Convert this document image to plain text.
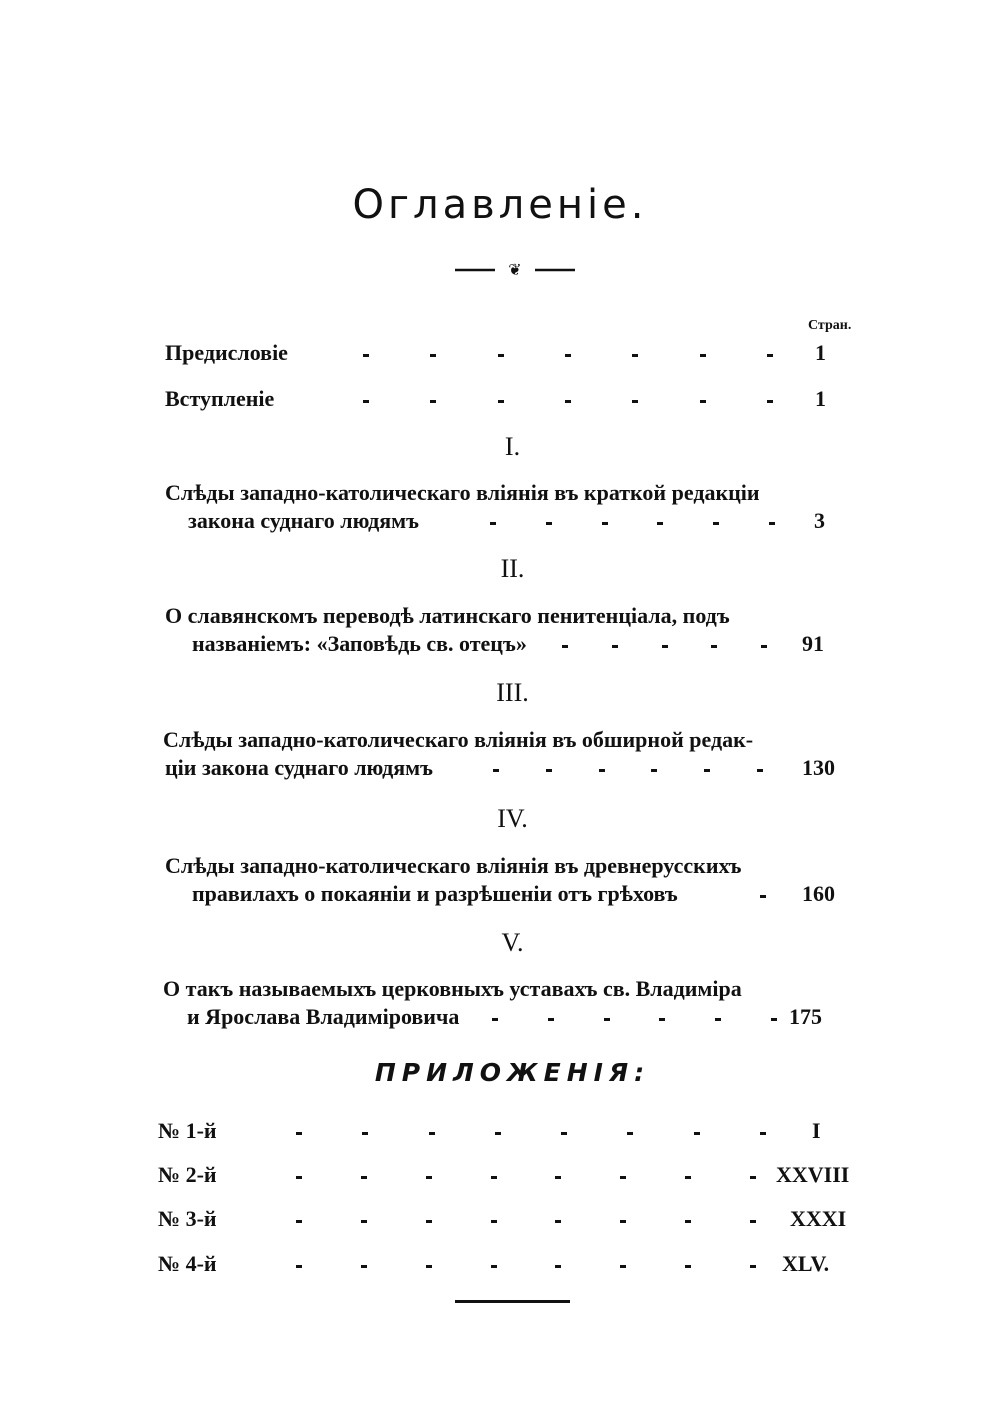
Оглавленіе.
❦
Стран.
Предисловіе	1
Вступленіе	1
I.
Слѣды западно-католическаго вліянія въ краткой редакціи
закона суднаго людямъ	3
II.
О славянскомъ переводѣ латинскаго пенитенціала, подъ
названіемъ: «Заповѣдь св. отецъ»	91
III.
Слѣды западно-католическаго вліянія въ обширной редак-
ціи закона суднаго людямъ	130
IV.
Слѣды западно-католическаго вліянія въ древнерусскихъ
правилахъ о покаяніи и разрѣшеніи отъ грѣховъ	160
V.
О такъ называемыхъ церковныхъ уставахъ св. Владиміра
и Ярослава Владиміровича	175
ПРИЛОЖЕНІЯ:
№ 1-й	I
№ 2-й	XXVIII
№ 3-й	XXXI
№ 4-й	XLV.
